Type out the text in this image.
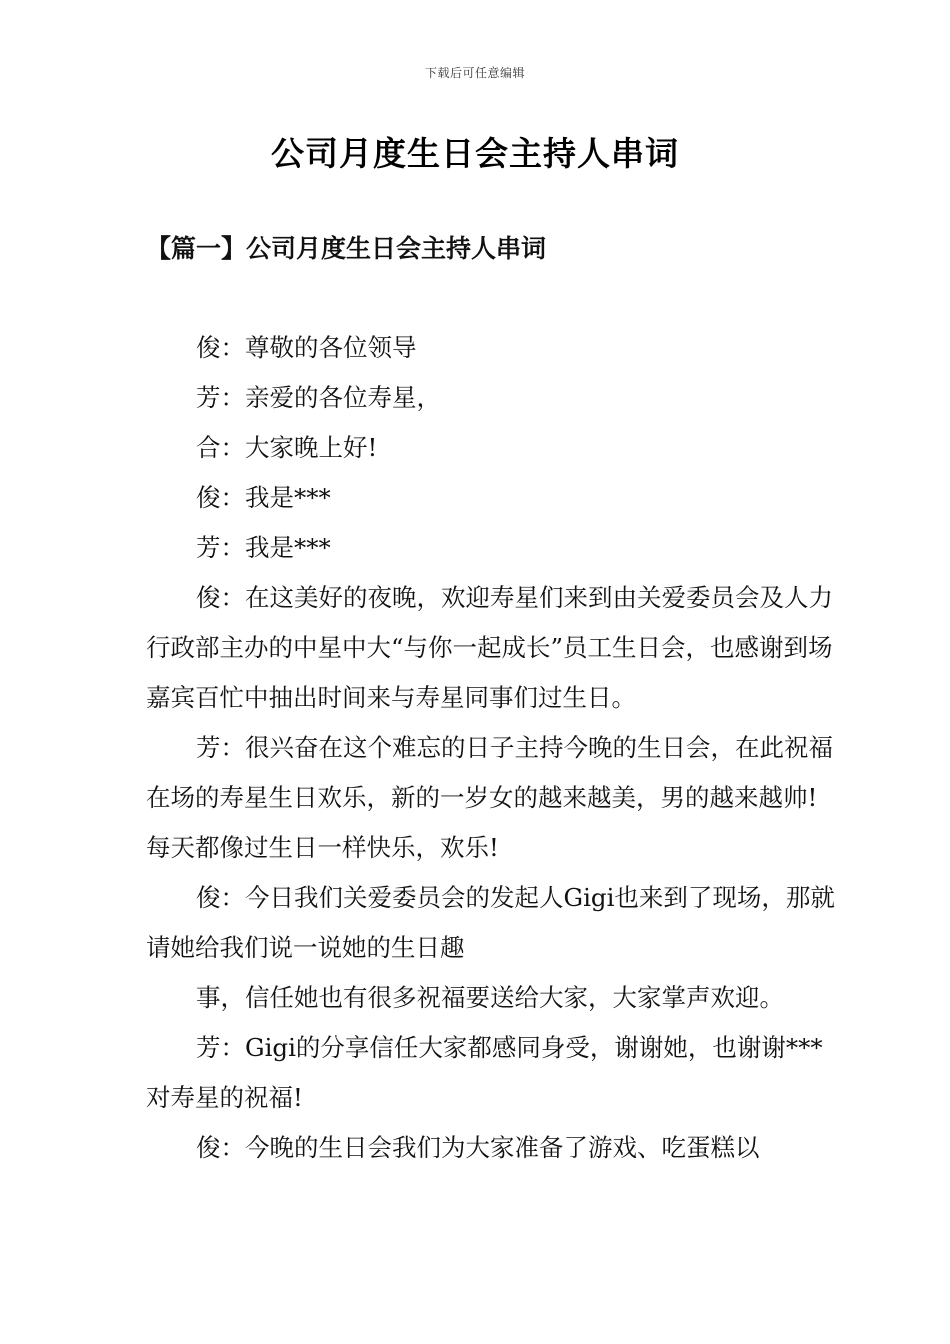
下载后可任意编辑
公司月度生日会主持人串词
【篇一】公司月度生日会主持人串词

俊：尊敬的各位领导

芳：亲爱的各位寿星，

合：大家晚上好!

俊：我是***

芳：我是***

俊：在这美好的夜晚，欢迎寿星们来到由关爱委员会及人力行政部主办的中星中大“与你一起成长”员工生日会，也感谢到场嘉宾百忙中抽出时间来与寿星同事们过生日。

芳：很兴奋在这个难忘的日子主持今晚的生日会，在此祝福在场的寿星生日欢乐，新的一岁女的越来越美，男的越来越帅!每天都像过生日一样快乐，欢乐!

俊：今日我们关爱委员会的发起人Gigi也来到了现场，那就请她给我们说一说她的生日趣

事，信任她也有很多祝福要送给大家，大家掌声欢迎。

芳：Gigi的分享信任大家都感同身受，谢谢她，也谢谢***对寿星的祝福!

俊：今晚的生日会我们为大家准备了游戏、吃蛋糕以
